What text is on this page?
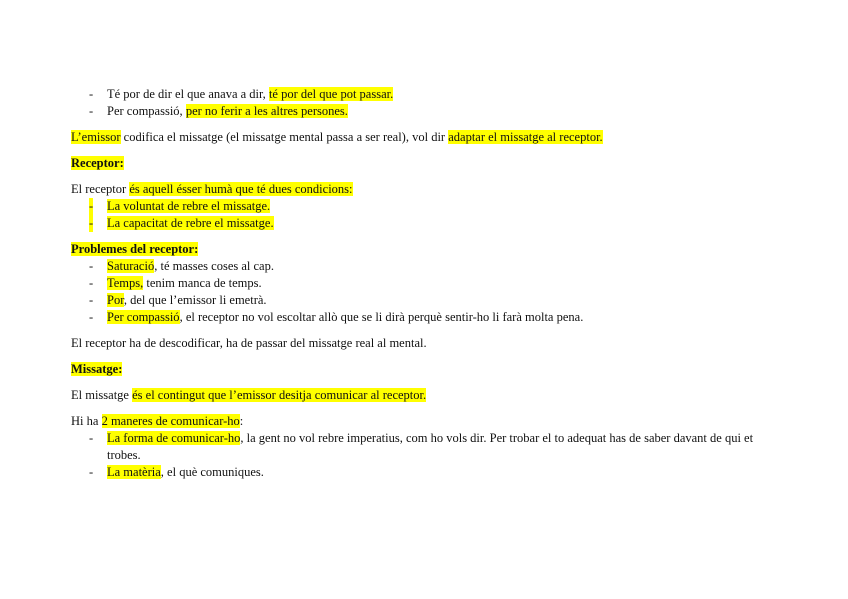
- Té por de dir el que anava a dir, té por del que pot passar.
- Per compassió, per no ferir a les altres persones.

L’emissor codifica el missatge (el missatge mental passa a ser real), vol dir adaptar el missatge al receptor.

Receptor:

El receptor és aquell ésser humà que té dues condicions:

- La voluntat de rebre el missatge.
- La capacitat de rebre el missatge.

Problemes del receptor:

- Saturació, té masses coses al cap.
- Temps, tenim manca de temps.
- Por, del que l’emissor li emetrà.
- Per compassió, el receptor no vol escoltar allò que se li dirà perquè sentir-ho li farà molta pena.

El receptor ha de descodificar, ha de passar del missatge real al mental.

Missatge:

El missatge és el contingut que l’emissor desitja comunicar al receptor.

Hi ha 2 maneres de comunicar-ho:

- La forma de comunicar-ho, la gent no vol rebre imperatius, com ho vols dir. Per trobar el to adequat has de saber davant de qui et trobes.
- La matèria, el què comuniques.
